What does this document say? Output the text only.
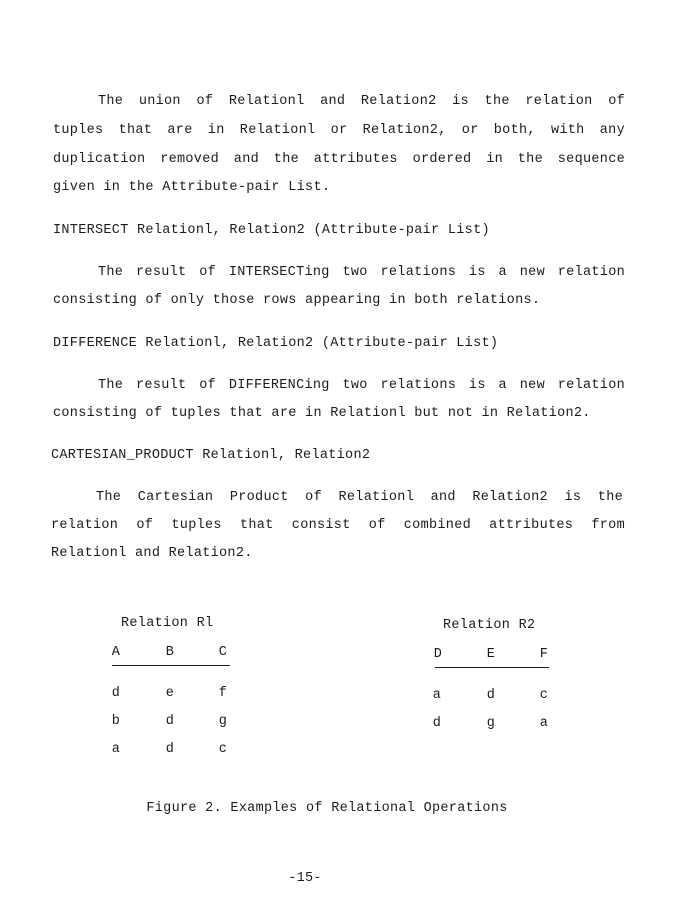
The union of Relationl and Relation2 is the relation of
tuples that are in Relationl or Relation2, or both, with any
duplication removed and the attributes ordered in the sequence
given in the Attribute-pair List.
INTERSECT Relationl, Relation2 (Attribute-pair List)
The result of INTERSECTing two relations is a new relation
consisting of only those rows appearing in both relations.
DIFFERENCE Relationl, Relation2 (Attribute-pair List)
The result of DIFFERENCing two relations is a new relation
consisting of tuples that are in Relationl but not in Relation2.
CARTESIAN_PRODUCT Relationl, Relation2
The Cartesian Product of Relationl and Relation2 is the
relation of tuples that consist of combined attributes from
Relationl and Relation2.
Relation Rl
A	B	C
d	e	f
b	d	g
a	d	c
Relation R2
D	E	F
a	d	c
d	g	a
Figure 2. Examples of Relational Operations
-15-
